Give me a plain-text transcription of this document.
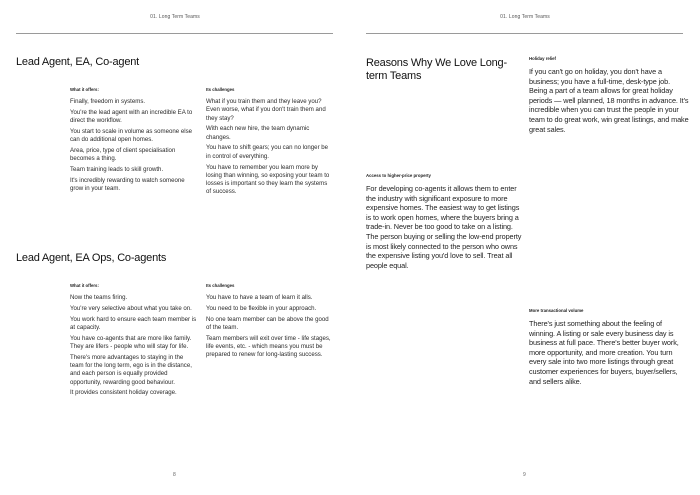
01. Long Term Teams
Lead Agent, EA, Co-agent
What it offers:

Finally, freedom in systems.

You're the lead agent with an incredible EA to direct the workflow.

You start to scale in volume as someone else can do additional open homes.

Area, price, type of client specialisation becomes a thing.

Team training leads to skill growth.

It's incredibly rewarding to watch someone grow in your team.

Its challenges

What if you train them and they leave you? Even worse, what if you don't train them and they stay?

With each new hire, the team dynamic changes.

You have to shift gears; you can no longer be in control of everything.

You have to remember you learn more by losing than winning, so exposing your team to losses is important so they learn the systems of success.

Lead Agent, EA Ops, Co-agents
What it offers:

Now the teams firing.

You're very selective about what you take on.

You work hard to ensure each team member is at capacity.

You have co-agents that are more like family. They are lifers - people who will stay for life.

There's more advantages to staying in the team for the long term, ego is in the distance, and each person is equally provided opportunity, rewarding good behaviour.

It provides consistent holiday coverage.

Its challenges

You have to have a team of learn it alls.

You need to be flexible in your approach.

No one team member can be above the good of the team.

Team members will exit over time - life stages, life events, etc. - which means you must be prepared to renew for long-lasting success.

8
01. Long Term Teams
Reasons Why We Love Long-term Teams
Holiday relief

If you can't go on holiday, you don't have a business; you have a full-time, desk-type job. Being a part of a team allows for great holiday periods — well planned, 18 months in advance. It's incredible when you can trust the people in your team to do great work, win great listings, and make great sales.

Access to higher-price property

For developing co-agents it allows them to enter the industry with significant exposure to more expensive homes. The easiest way to get listings is to work open homes, where the buyers bring a trade-in. Never be too good to take on a listing. The person buying or selling the low-end property is most likely connected to the person who owns the expensive listing you'd love to sell. Treat all people equal.

More transactional volume

There's just something about the feeling of winning. A listing or sale every business day is business at full pace. There's better buyer work, more opportunity, and more creation. You turn every sale into two more listings through great customer experiences for buyers, buyer/sellers, and sellers alike.

9
